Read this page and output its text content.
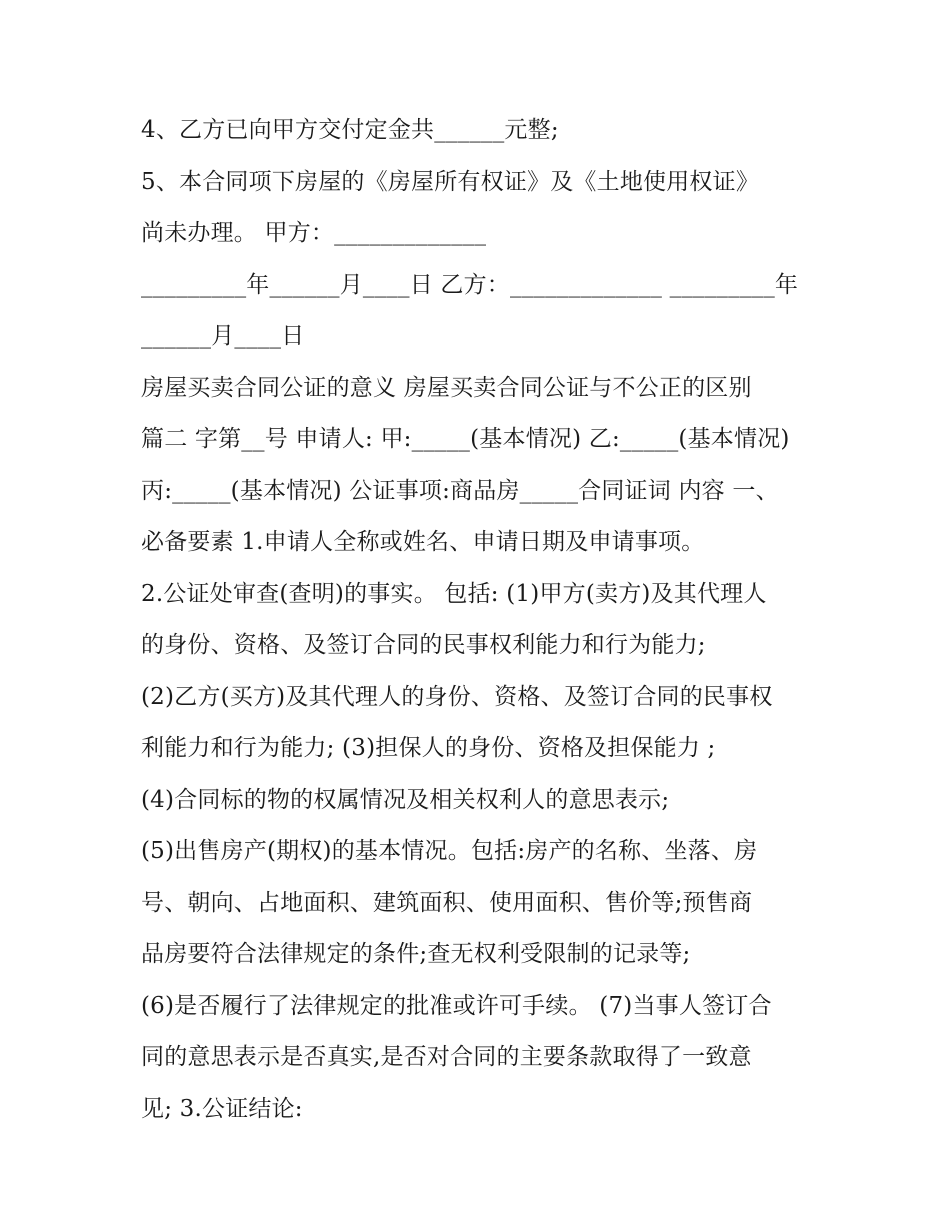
4、乙方已向甲方交付定金共______元整;
5、本合同项下房屋的《房屋所有权证》及《土地使用权证》
尚未办理。 甲方：_____________
_________年______月____日 乙方：_____________ _________年
______月____日
房屋买卖合同公证的意义 房屋买卖合同公证与不公正的区别
篇二 字第__号 申请人: 甲:_____(基本情况) 乙:_____(基本情况)
丙:_____(基本情况) 公证事项:商品房_____合同证词 内容 一、
必备要素 1.申请人全称或姓名、申请日期及申请事项。
2.公证处审查(查明)的事实。 包括: (1)甲方(卖方)及其代理人
的身份、资格、及签订合同的民事权利能力和行为能力;
(2)乙方(买方)及其代理人的身份、资格、及签订合同的民事权
利能力和行为能力; (3)担保人的身份、资格及担保能力 ;
(4)合同标的物的权属情况及相关权利人的意思表示;
(5)出售房产(期权)的基本情况。包括:房产的名称、坐落、房
号、朝向、占地面积、建筑面积、使用面积、售价等;预售商
品房要符合法律规定的条件;查无权利受限制的记录等;
(6)是否履行了法律规定的批准或许可手续。 (7)当事人签订合
同的意思表示是否真实,是否对合同的主要条款取得了一致意
见; 3.公证结论:
